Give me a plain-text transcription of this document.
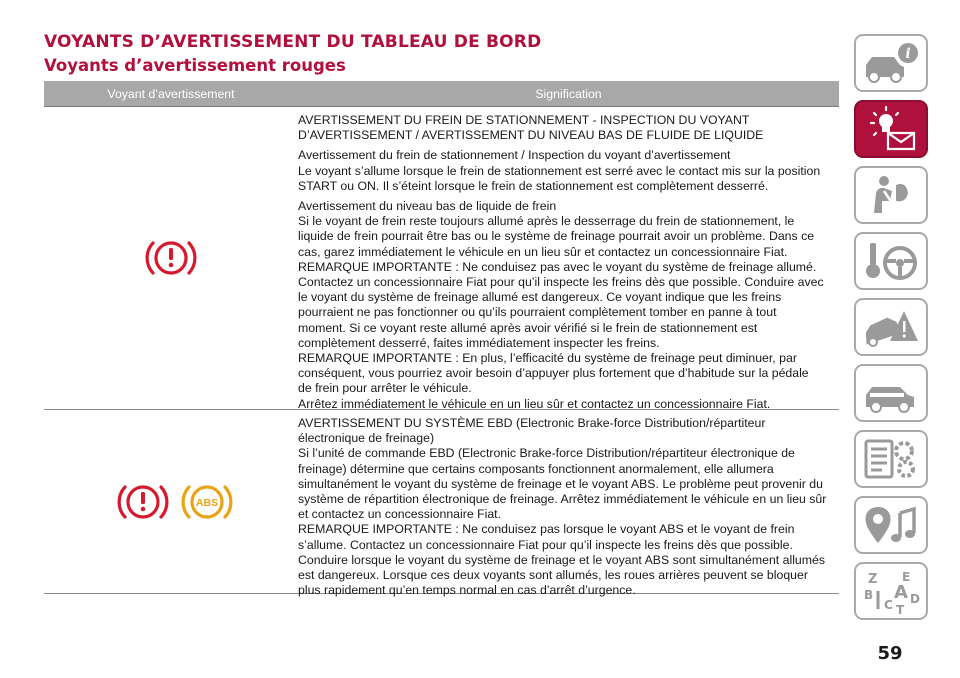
VOYANTS D’AVERTISSEMENT DU TABLEAU DE BORD
Voyants d’avertissement rouges
Voyant d’avertissement	Signification
AVERTISSEMENT DU FREIN DE STATIONNEMENT - INSPECTION DU VOYANT
D’AVERTISSEMENT / AVERTISSEMENT DU NIVEAU BAS DE FLUIDE DE LIQUIDE
Avertissement du frein de stationnement / Inspection du voyant d’avertissement
Le voyant s’allume lorsque le frein de stationnement est serré avec le contact mis sur la position
START ou ON. Il s’éteint lorsque le frein de stationnement est complètement desserré.
Avertissement du niveau bas de liquide de frein
Si le voyant de frein reste toujours allumé après le desserrage du frein de stationnement, le
liquide de frein pourrait être bas ou le système de freinage pourrait avoir un problème. Dans ce
cas, garez immédiatement le véhicule en un lieu sûr et contactez un concessionnaire Fiat.
REMARQUE IMPORTANTE : Ne conduisez pas avec le voyant du système de freinage allumé.
Contactez un concessionnaire Fiat pour qu’il inspecte les freins dès que possible. Conduire avec
le voyant du système de freinage allumé est dangereux. Ce voyant indique que les freins
pourraient ne pas fonctionner ou qu’ils pourraient complètement tomber en panne à tout
moment. Si ce voyant reste allumé après avoir vérifié si le frein de stationnement est
complètement desserré, faites immédiatement inspecter les freins.
REMARQUE IMPORTANTE : En plus, l’efficacité du système de freinage peut diminuer, par
conséquent, vous pourriez avoir besoin d’appuyer plus fortement que d’habitude sur la pédale
de frein pour arrêter le véhicule.
Arrêtez immédiatement le véhicule en un lieu sûr et contactez un concessionnaire Fiat.
ABS
AVERTISSEMENT DU SYSTÈME EBD (Electronic Brake-force Distribution/répartiteur
électronique de freinage)
Si l’unité de commande EBD (Electronic Brake-force Distribution/répartiteur électronique de
freinage) détermine que certains composants fonctionnent anormalement, elle allumera
simultanément le voyant du système de freinage et le voyant ABS. Le problème peut provenir du
système de répartition électronique de freinage. Arrêtez immédiatement le véhicule en un lieu sûr
et contactez un concessionnaire Fiat.
REMARQUE IMPORTANTE : Ne conduisez pas lorsque le voyant ABS et le voyant de frein
s’allume. Contactez un concessionnaire Fiat pour qu’il inspecte les freins dès que possible.
Conduire lorsque le voyant du système de freinage et le voyant ABS sont simultanément allumés
est dangereux. Lorsque ces deux voyants sont allumés, les roues arrières peuvent se bloquer
plus rapidement qu’en temps normal en cas d’arrêt d’urgence.
i
Z E
B A
C D
T
59
